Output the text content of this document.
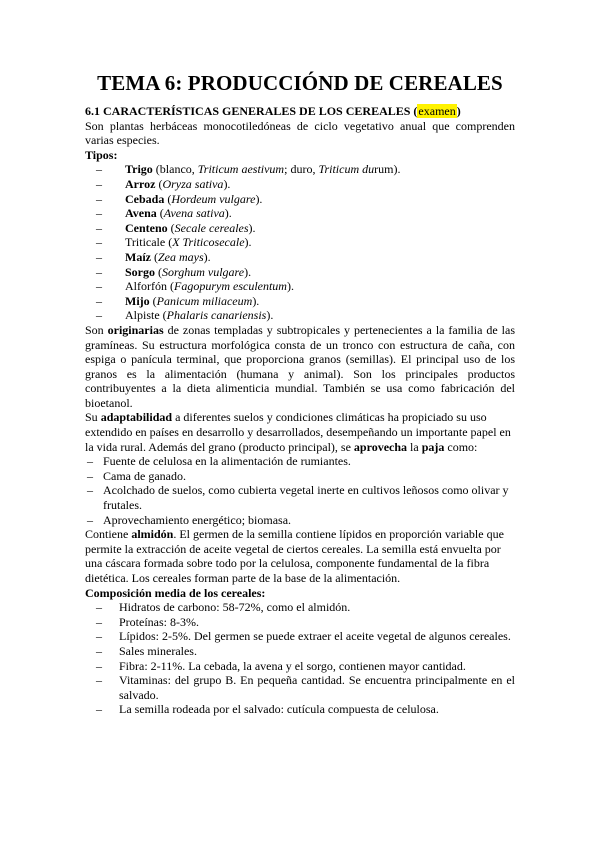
TEMA 6: PRODUCCIÓND DE CEREALES

6.1 CARACTERÍSTICAS GENERALES DE LOS CEREALES (examen)

Son plantas herbáceas monocotiledóneas de ciclo vegetativo anual que comprenden varias especies.

Tipos:

– Trigo (blanco, Triticum aestivum; duro, Triticum durum).
– Arroz (Oryza sativa).
– Cebada (Hordeum vulgare).
– Avena (Avena sativa).
– Centeno (Secale cereales).
– Triticale (X Triticosecale).
– Maíz (Zea mays).
– Sorgo (Sorghum vulgare).
– Alforfón (Fagopurym esculentum).
– Mijo (Panicum miliaceum).
– Alpiste (Phalaris canariensis).

Son originarias de zonas templadas y subtropicales y pertenecientes a la familia de las gramíneas. Su estructura morfológica consta de un tronco con estructura de caña, con espiga o panícula terminal, que proporciona granos (semillas). El principal uso de los granos es la alimentación (humana y animal). Son los principales productos contribuyentes a la dieta alimenticia mundial. También se usa como fabricación del bioetanol.

Su adaptabilidad a diferentes suelos y condiciones climáticas ha propiciado su uso extendido en países en desarrollo y desarrollados, desempeñando un importante papel en la vida rural. Además del grano (producto principal), se aprovecha la paja como:

– Fuente de celulosa en la alimentación de rumiantes.
– Cama de ganado.
– Acolchado de suelos, como cubierta vegetal inerte en cultivos leñosos como olivar y frutales.
– Aprovechamiento energético; biomasa.

Contiene almidón. El germen de la semilla contiene lípidos en proporción variable que permite la extracción de aceite vegetal de ciertos cereales. La semilla está envuelta por una cáscara formada sobre todo por la celulosa, componente fundamental de la fibra dietética. Los cereales forman parte de la base de la alimentación.

Composición media de los cereales:

– Hidratos de carbono: 58-72%, como el almidón.
– Proteínas: 8-3%.
– Lípidos: 2-5%. Del germen se puede extraer el aceite vegetal de algunos cereales.
– Sales minerales.
– Fibra: 2-11%. La cebada, la avena y el sorgo, contienen mayor cantidad.
– Vitaminas: del grupo B. En pequeña cantidad. Se encuentra principalmente en el salvado.
– La semilla rodeada por el salvado: cutícula compuesta de celulosa.
